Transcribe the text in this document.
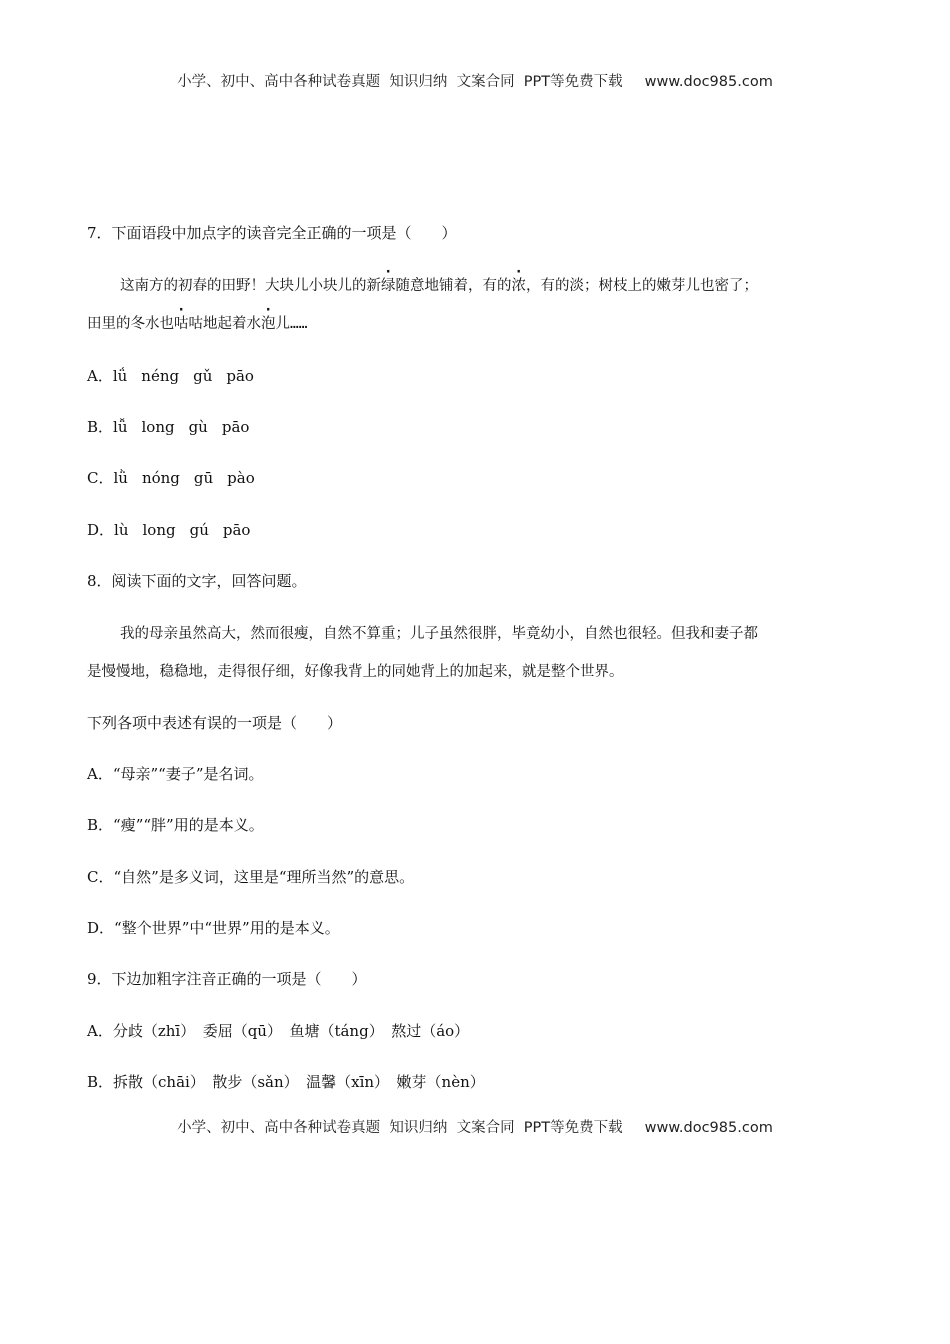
小学、初中、高中各种试卷真题  知识归纳  文案合同  PPT等免费下载 www.doc985.com
7．下面语段中加点字的读音完全正确的一项是（　　）
这南方的初春的田野！大块儿小块儿的新绿随意地铺着，有的浓，有的淡；树枝上的嫩芽儿也密了；
田里的冬水也咕咕地起着水泡儿……
A．lǘ néng gǔ pāo
B．lǚ long gù pāo
C．lǜ nóng gū pào
D．lù long gú pāo
8．阅读下面的文字，回答问题。
我的母亲虽然高大，然而很瘦，自然不算重；儿子虽然很胖，毕竟幼小，自然也很轻。但我和妻子都
是慢慢地，稳稳地，走得很仔细，好像我背上的同她背上的加起来，就是整个世界。
下列各项中表述有误的一项是（　　）
A．“母亲”“妻子”是名词。
B．“瘦”“胖”用的是本义。
C．“自然”是多义词，这里是“理所当然”的意思。
D．“整个世界”中“世界”用的是本义。
9．下边加粗字注音正确的一项是（　　）
A．分歧（zhī）　委屈（qū）　鱼塘（táng）　熬过（áo）
B．拆散（chāi）　散步（sǎn）　温馨（xīn）　嫩芽（nèn）
小学、初中、高中各种试卷真题  知识归纳  文案合同  PPT等免费下载 www.doc985.com
